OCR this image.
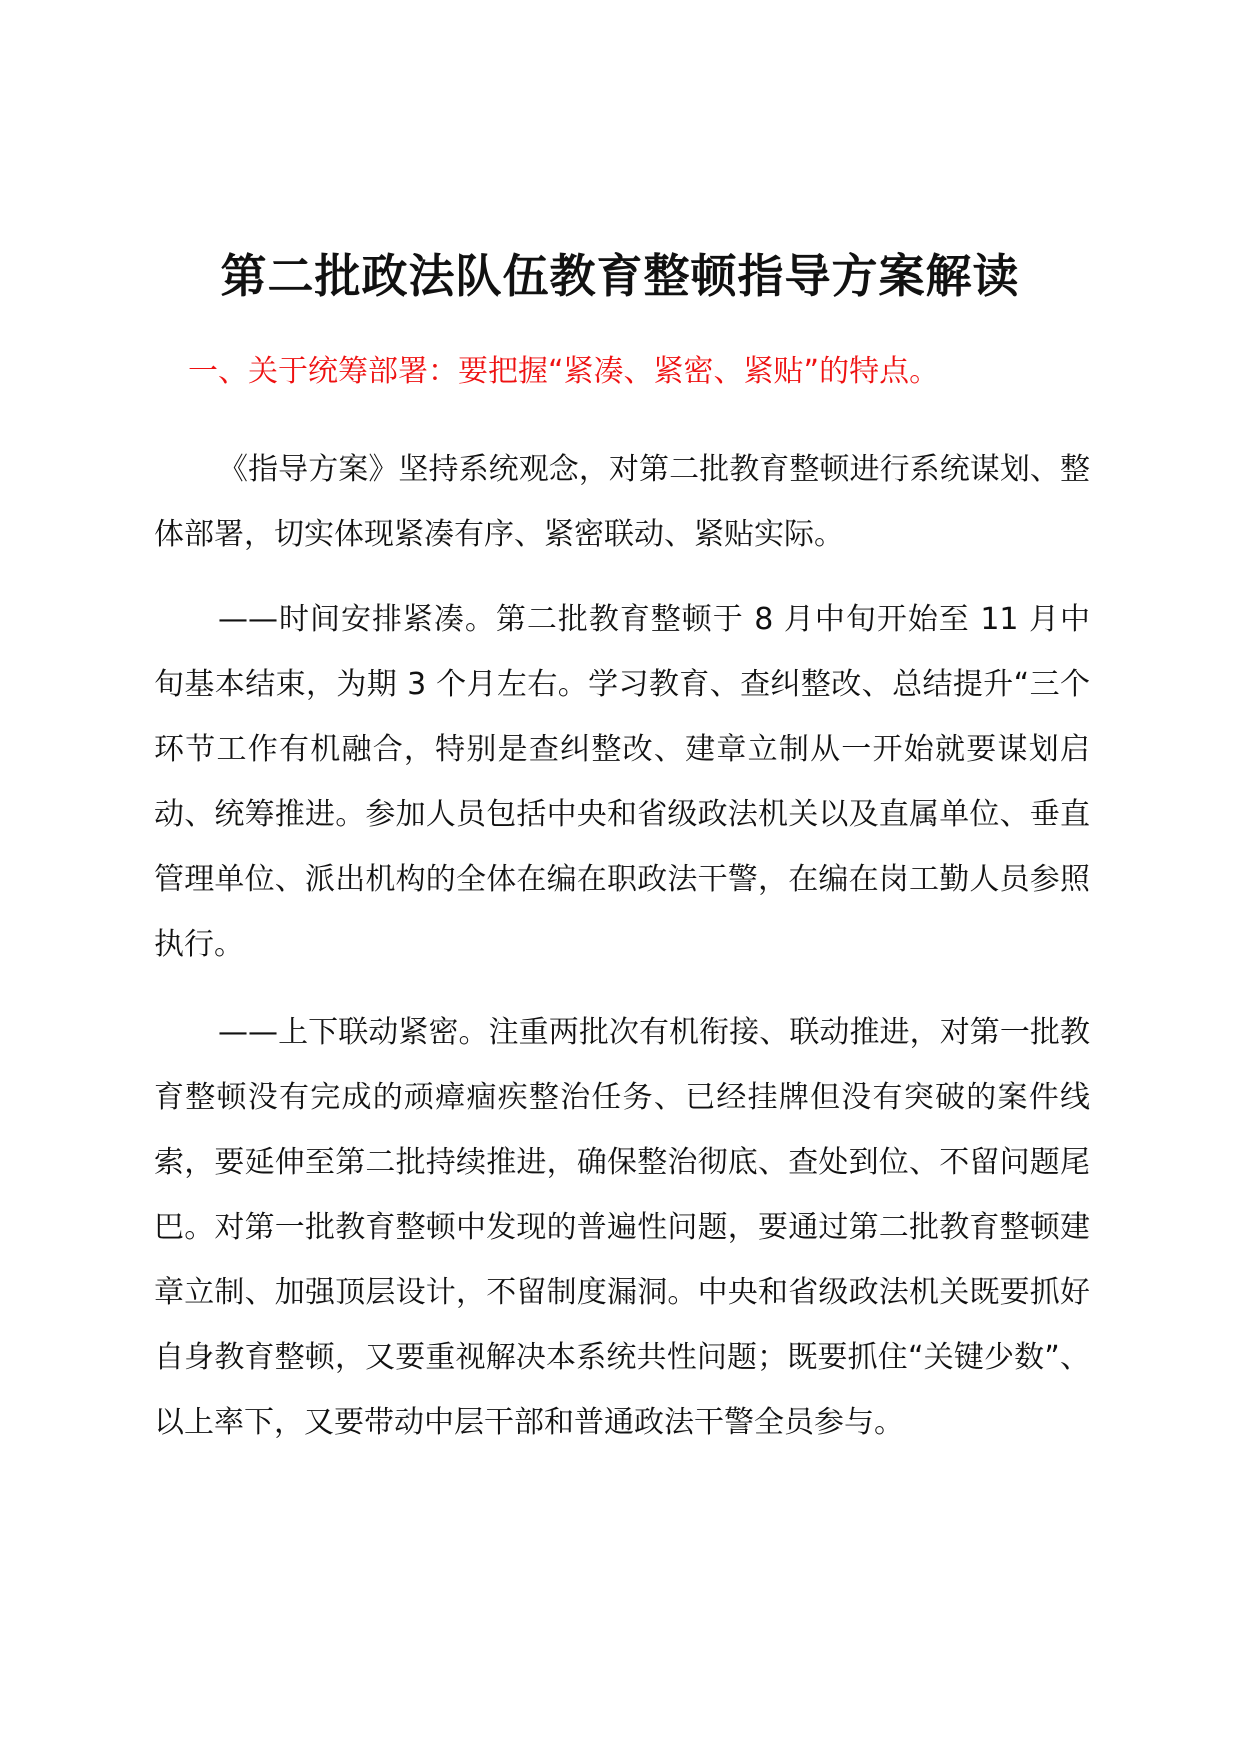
第二批政法队伍教育整顿指导方案解读

一、关于统筹部署：要把握“紧凑、紧密、紧贴”的特点。

《指导方案》坚持系统观念，对第二批教育整顿进行系统谋划、整体部署，切实体现紧凑有序、紧密联动、紧贴实际。

——时间安排紧凑。第二批教育整顿于 8 月中旬开始至 11 月中旬基本结束，为期 3 个月左右。学习教育、查纠整改、总结提升“三个环节工作有机融合，特别是查纠整改、建章立制从一开始就要谋划启动、统筹推进。参加人员包括中央和省级政法机关以及直属单位、垂直管理单位、派出机构的全体在编在职政法干警，在编在岗工勤人员参照执行。

——上下联动紧密。注重两批次有机衔接、联动推进，对第一批教育整顿没有完成的顽瘴痼疾整治任务、已经挂牌但没有突破的案件线索，要延伸至第二批持续推进，确保整治彻底、查处到位、不留问题尾巴。对第一批教育整顿中发现的普遍性问题，要通过第二批教育整顿建章立制、加强顶层设计，不留制度漏洞。中央和省级政法机关既要抓好自身教育整顿，又要重视解决本系统共性问题；既要抓住“关键少数”、以上率下，又要带动中层干部和普通政法干警全员参与。
